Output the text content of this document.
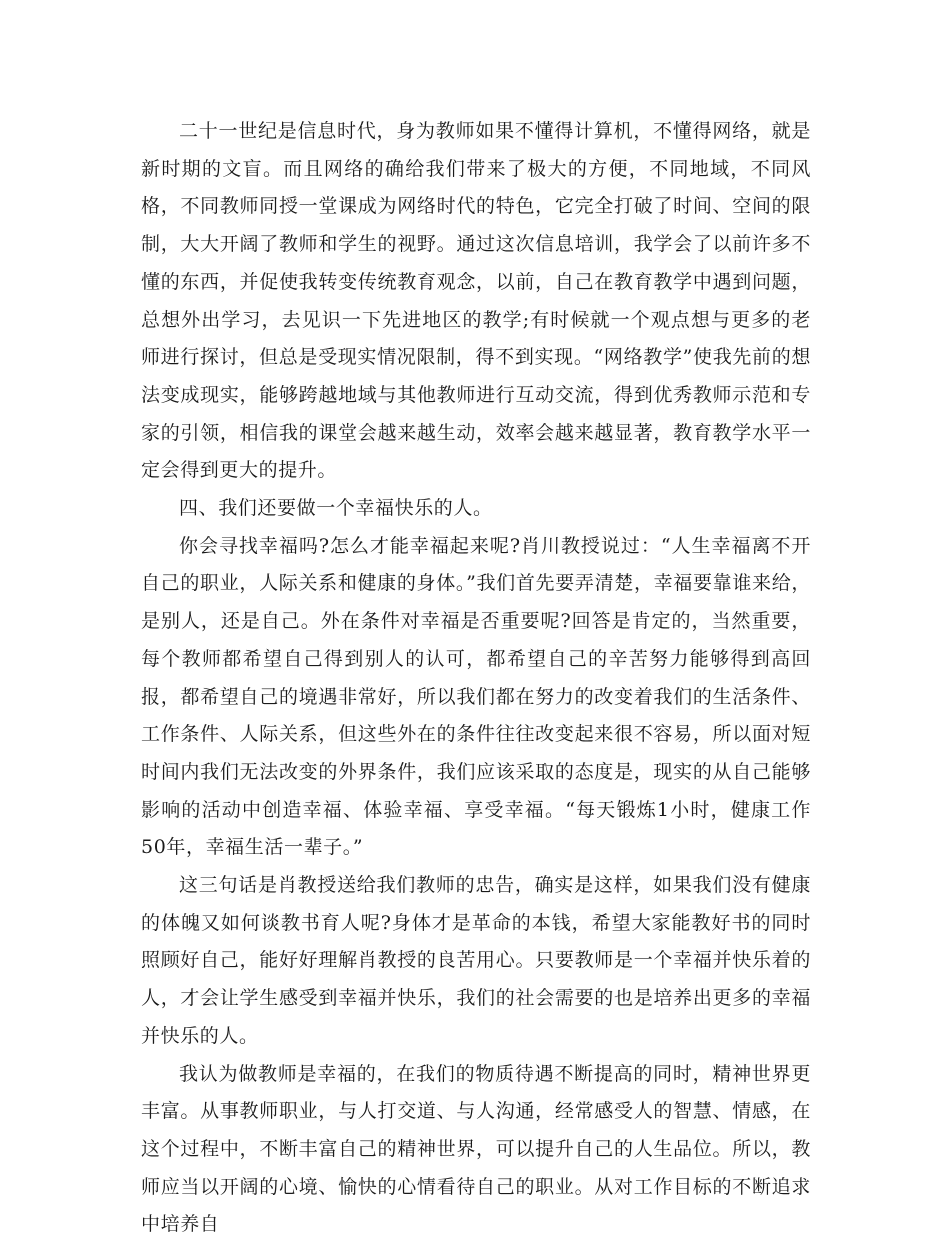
二十一世纪是信息时代，身为教师如果不懂得计算机，不懂得网络，就是新时期的文盲。而且网络的确给我们带来了极大的方便，不同地域，不同风格，不同教师同授一堂课成为网络时代的特色，它完全打破了时间、空间的限制，大大开阔了教师和学生的视野。通过这次信息培训，我学会了以前许多不懂的东西，并促使我转变传统教育观念，以前，自己在教育教学中遇到问题，总想外出学习，去见识一下先进地区的教学;有时候就一个观点想与更多的老师进行探讨，但总是受现实情况限制，得不到实现。“网络教学”使我先前的想法变成现实，能够跨越地域与其他教师进行互动交流，得到优秀教师示范和专家的引领，相信我的课堂会越来越生动，效率会越来越显著，教育教学水平一定会得到更大的提升。

四、我们还要做一个幸福快乐的人。

你会寻找幸福吗?怎么才能幸福起来呢?肖川教授说过：“人生幸福离不开自己的职业，人际关系和健康的身体。”我们首先要弄清楚，幸福要靠谁来给，是别人，还是自己。外在条件对幸福是否重要呢?回答是肯定的，当然重要，每个教师都希望自己得到别人的认可，都希望自己的辛苦努力能够得到高回报，都希望自己的境遇非常好，所以我们都在努力的改变着我们的生活条件、工作条件、人际关系，但这些外在的条件往往改变起来很不容易，所以面对短时间内我们无法改变的外界条件，我们应该采取的态度是，现实的从自己能够影响的活动中创造幸福、体验幸福、享受幸福。“每天锻炼1小时，健康工作50年，幸福生活一辈子。”

这三句话是肖教授送给我们教师的忠告，确实是这样，如果我们没有健康的体魄又如何谈教书育人呢?身体才是革命的本钱，希望大家能教好书的同时照顾好自己，能好好理解肖教授的良苦用心。只要教师是一个幸福并快乐着的人，才会让学生感受到幸福并快乐，我们的社会需要的也是培养出更多的幸福并快乐的人。

我认为做教师是幸福的，在我们的物质待遇不断提高的同时，精神世界更丰富。从事教师职业，与人打交道、与人沟通，经常感受人的智慧、情感，在这个过程中，不断丰富自己的精神世界，可以提升自己的人生品位。所以，教师应当以开阔的心境、愉快的心情看待自己的职业。从对工作目标的不断追求中培养自
